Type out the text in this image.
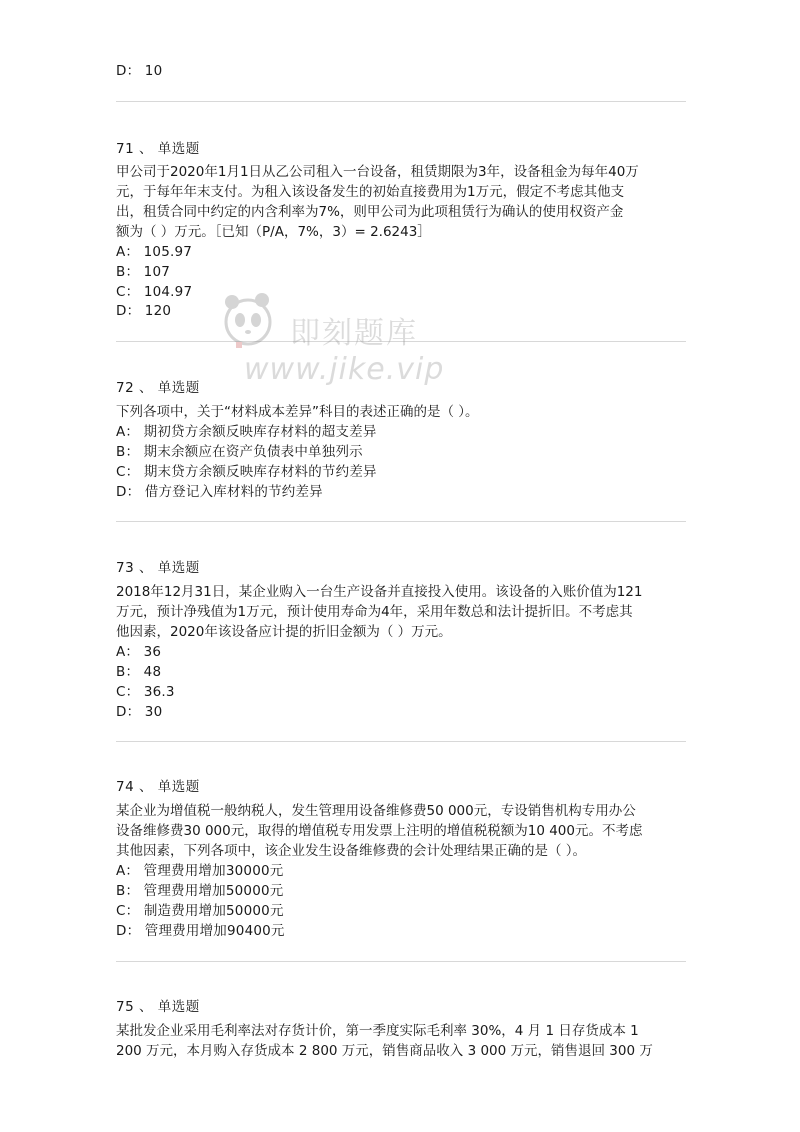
D： 10
71 、 单选题
甲公司于2020年1月1日从乙公司租入一台设备，租赁期限为3年，设备租金为每年40万
元，于每年年末支付。为租入该设备发生的初始直接费用为1万元，假定不考虑其他支
出，租赁合同中约定的内含利率为7%，则甲公司为此项租赁行为确认的使用权资产金
额为（ ）万元。［已知（P/A，7%，3）= 2.6243］
A： 105.97
B： 107
C： 104.97
D： 120
72 、 单选题
下列各项中，关于“材料成本差异”科目的表述正确的是（ ）。
A： 期初贷方余额反映库存材料的超支差异
B： 期末余额应在资产负债表中单独列示
C： 期末贷方余额反映库存材料的节约差异
D： 借方登记入库材料的节约差异
73 、 单选题
2018年12月31日，某企业购入一台生产设备并直接投入使用。该设备的入账价值为121
万元，预计净残值为1万元，预计使用寿命为4年，采用年数总和法计提折旧。不考虑其
他因素，2020年该设备应计提的折旧金额为（ ）万元。
A： 36
B： 48
C： 36.3
D： 30
74 、 单选题
某企业为增值税一般纳税人，发生管理用设备维修费50 000元，专设销售机构专用办公
设备维修费30 000元，取得的增值税专用发票上注明的增值税税额为10 400元。不考虑
其他因素，下列各项中，该企业发生设备维修费的会计处理结果正确的是（ ）。
A： 管理费用增加30000元
B： 管理费用增加50000元
C： 制造费用增加50000元
D： 管理费用增加90400元
75 、 单选题
某批发企业采用毛利率法对存货计价，第一季度实际毛利率 30%，4 月 1 日存货成本 1
200 万元，本月购入存货成本 2 800 万元，销售商品收入 3 000 万元，销售退回 300 万
即刻题库
www.jike.vip
